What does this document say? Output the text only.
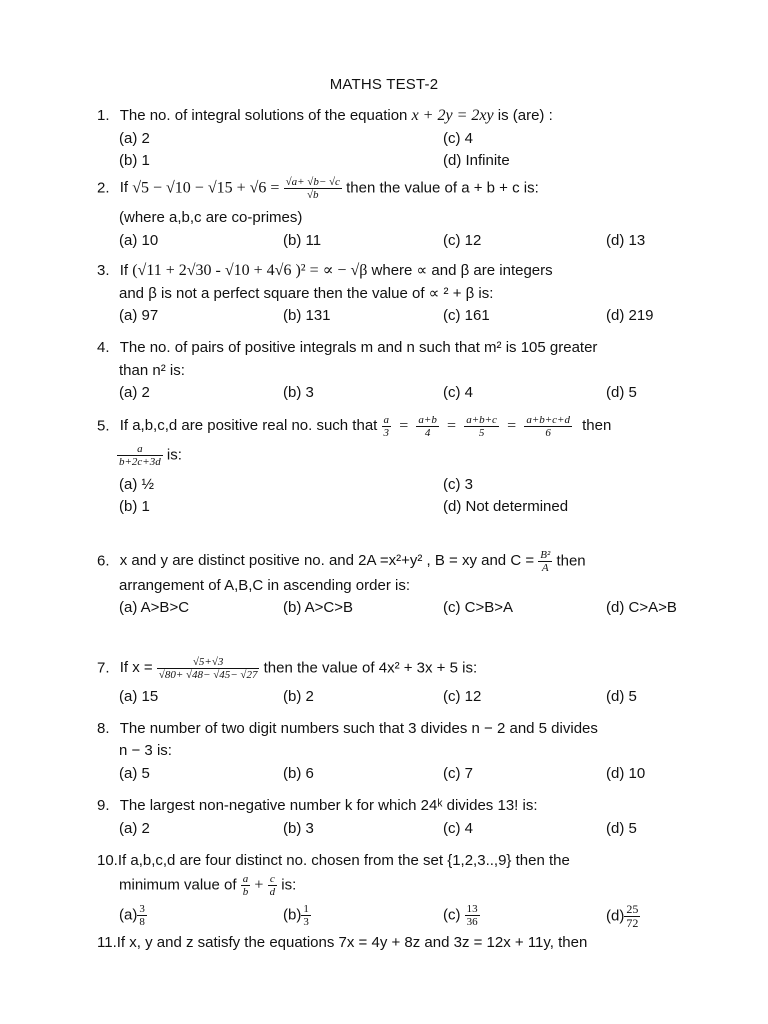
MATHS TEST-2
1. The no. of integral solutions of the equation x + 2y = 2xy is (are) :
(a) 2	(c) 4
(b) 1	(d) Infinite
2. If $√5 - √10 - √15 + √6 = \frac{√a+ √b- √c}{√b}$ then the value of a + b + c is:
(where a,b,c are co-primes)
(a) 10	(b) 11	(c) 12	(d) 13
3. If (√11 + 2√30 - √10 + 4√6 )² = ∝ − √β where ∝ and β are integers
and β is not a perfect square then the value of ∝ ² + β is:
(a) 97	(b) 131	(c) 161	(d) 219
4. The no. of pairs of positive integrals m and n such that m² is 105 greater
than n² is:
(a) 2	(b) 3	(c) 4	(d) 5
5. If a,b,c,d are positive real no. such that $\frac{a}{3} = \frac{a+b}{4} = \frac{a+b+c}{5} = \frac{a+b+c+d}{6}$ then
$\frac{a}{b+2c+3d}$ is:
(a) ½	(c) 3
(b) 1	(d) Not determined
6. x and y are distinct positive no. and 2A =x²+y² , B = xy and $C = \frac{\text{B²}}{A}$ then
arrangement of A,B,C in ascending order is:
(a) A>B>C	(b) A>C>B	(c) C>B>A	(d) C>A>B
7. If $x = \frac{√5+√3}{√80+ √48- √45- √27}$ then the value of 4x² + 3x + 5 is:
(a) 15	(b) 2	(c) 12	(d) 5
8. The number of two digit numbers such that 3 divides n − 2 and 5 divides
n − 3 is:
(a) 5	(b) 6	(c) 7	(d) 10
9. The largest non-negative number k for which 24ᵏ divides 13! is:
(a) 2	(b) 3	(c) 4	(d) 5
10.If a,b,c,d are four distinct no. chosen from the set {1,2,3..,9} then the
minimum value of $\frac{a}{b} + \frac{c}{d}$ is:
$(a) \frac{3}{8}$	$(b) \frac{1}{3}$	$(c) \frac{13}{36}$	$(d) \frac{25}{72}$
11.If x, y and z satisfy the equations 7x = 4y + 8z and 3z = 12x + 11y, then
